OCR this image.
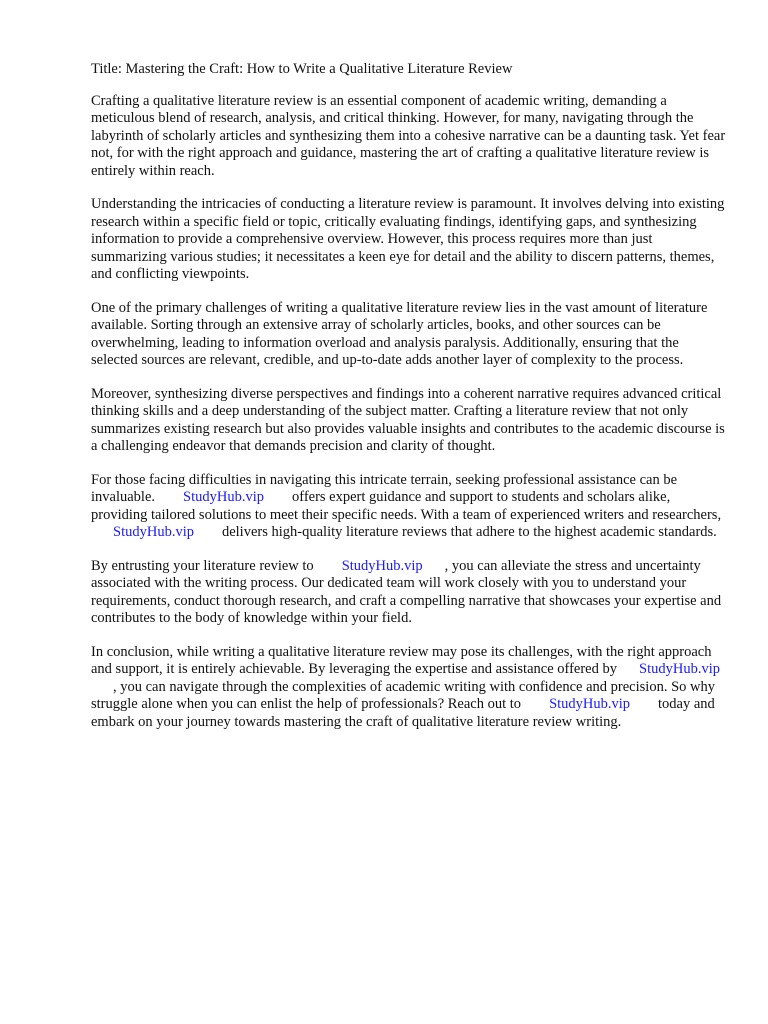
Title: Mastering the Craft: How to Write a Qualitative Literature Review

Crafting a qualitative literature review is an essential component of academic writing, demanding a meticulous blend of research, analysis, and critical thinking. However, for many, navigating through the labyrinth of scholarly articles and synthesizing them into a cohesive narrative can be a daunting task. Yet fear not, for with the right approach and guidance, mastering the art of crafting a qualitative literature review is entirely within reach.

Understanding the intricacies of conducting a literature review is paramount. It involves delving into existing research within a specific field or topic, critically evaluating findings, identifying gaps, and synthesizing information to provide a comprehensive overview. However, this process requires more than just summarizing various studies; it necessitates a keen eye for detail and the ability to discern patterns, themes, and conflicting viewpoints.

One of the primary challenges of writing a qualitative literature review lies in the vast amount of literature available. Sorting through an extensive array of scholarly articles, books, and other sources can be overwhelming, leading to information overload and analysis paralysis. Additionally, ensuring that the selected sources are relevant, credible, and up-to-date adds another layer of complexity to the process.

Moreover, synthesizing diverse perspectives and findings into a coherent narrative requires advanced critical thinking skills and a deep understanding of the subject matter. Crafting a literature review that not only summarizes existing research but also provides valuable insights and contributes to the academic discourse is a challenging endeavor that demands precision and clarity of thought.

For those facing difficulties in navigating this intricate terrain, seeking professional assistance can be invaluable. StudyHub.vip offers expert guidance and support to students and scholars alike, providing tailored solutions to meet their specific needs. With a team of experienced writers and researchers,StudyHub.vip delivers high-quality literature reviews that adhere to the highest academic standards.

By entrusting your literature review to StudyHub.vip , you can alleviate the stress and uncertainty associated with the writing process. Our dedicated team will work closely with you to understand your requirements, conduct thorough research, and craft a compelling narrative that showcases your expertise and contributes to the body of knowledge within your field.

In conclusion, while writing a qualitative literature review may pose its challenges, with the right approach and support, it is entirely achievable. By leveraging the expertise and assistance offered by StudyHub.vip, you can navigate through the complexities of academic writing with confidence and precision. So why struggle alone when you can enlist the help of professionals? Reach out to StudyHub.vip today and embark on your journey towards mastering the craft of qualitative literature review writing.
